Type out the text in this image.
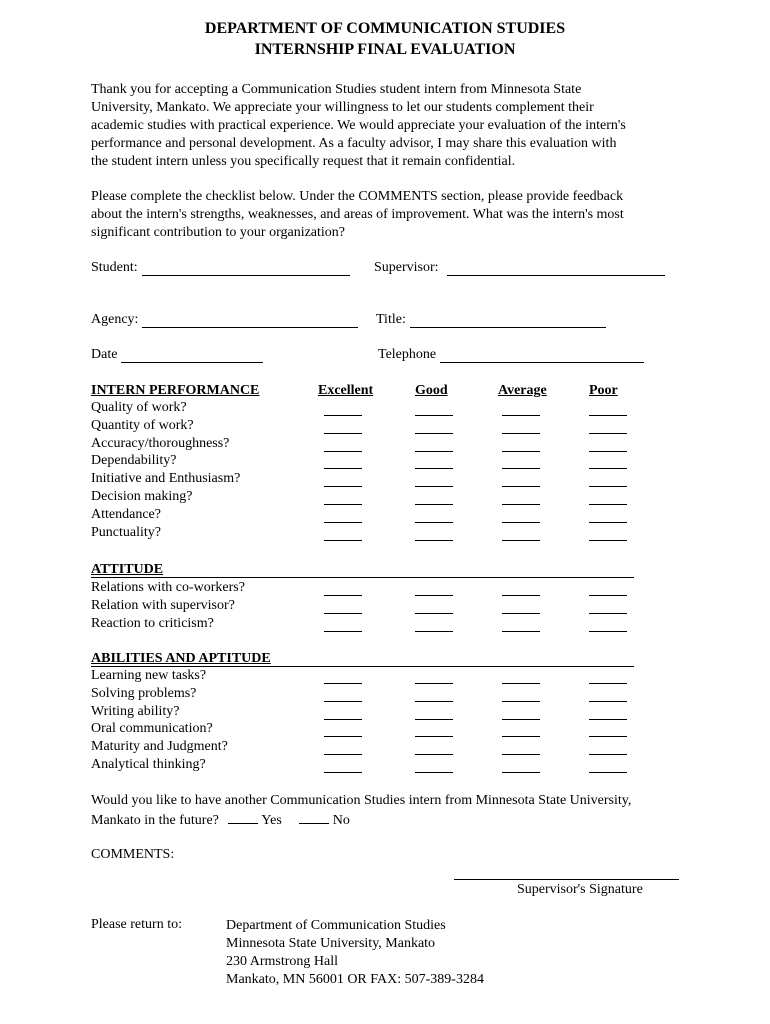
DEPARTMENT OF COMMUNICATION STUDIES
INTERNSHIP FINAL EVALUATION

Thank you for accepting a Communication Studies student intern from Minnesota State

University, Mankato. We appreciate your willingness to let our students complement their

academic studies with practical experience. We would appreciate your evaluation of the intern's

performance and personal development. As a faculty advisor, I may share this evaluation with

the student intern unless you specifically request that it remain confidential.

Please complete the checklist below. Under the COMMENTS section, please provide feedback

about the intern's strengths, weaknesses, and areas of improvement. What was the intern's most

significant contribution to your organization?

Student:	Supervisor:
Agency:	Title:
Date	Telephone
Excellent	Good	Average	Poor
INTERN PERFORMANCE
Quality of work?
Quantity of work?
Accuracy/thoroughness?
Dependability?
Initiative and Enthusiasm?
Decision making?
Attendance?
Punctuality?
ATTITUDE
Relations with co-workers?
Relation with supervisor?
Reaction to criticism?
ABILITIES AND APTITUDE
Learning new tasks?
Solving problems?
Writing ability?
Oral communication?
Maturity and Judgment?
Analytical thinking?
Would you like to have another Communication Studies intern from Minnesota State University,
Mankato in the future?	Yes	No
COMMENTS:
Supervisor's Signature
Please return to:	Department of Communication Studies
Minnesota State University, Mankato
230 Armstrong Hall
Mankato, MN 56001 OR FAX: 507-389-3284
